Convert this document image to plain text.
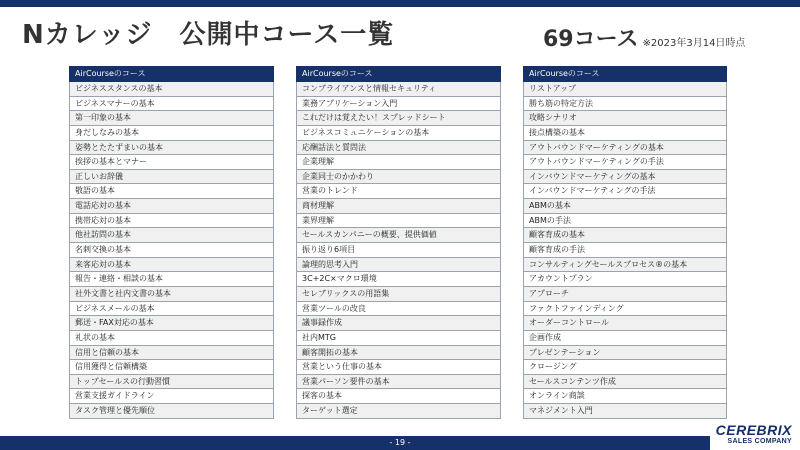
Nカレッジ　公開中コース一覧	69コース ※2023年3月14日時点
AirCourseのコース
ビジネススタンスの基本
ビジネスマナーの基本
第一印象の基本
身だしなみの基本
姿勢とたたずまいの基本
挨拶の基本とマナー
正しいお辞儀
敬語の基本
電話応対の基本
携帯応対の基本
他社訪問の基本
名刺交換の基本
来客応対の基本
報告・連絡・相談の基本
社外文書と社内文書の基本
ビジネスメールの基本
郵送・FAX対応の基本
礼状の基本
信用と信頼の基本
信用獲得と信頼構築
トップセールスの行動習慣
営業支援ガイドライン
タスク管理と優先順位
AirCourseのコース
コンプライアンスと情報セキュリティ
業務アプリケーション入門
これだけは覚えたい！スプレッドシート
ビジネスコミュニケーションの基本
応酬話法と質問法
企業理解
企業同士のかかわり
営業のトレンド
商材理解
業界理解
セールスカンパニーの概要、提供価値
振り返り6項目
論理的思考入門
3C+2C×マクロ環境
セレブリックスの用語集
営業ツールの改良
議事録作成
社内MTG
顧客開拓の基本
営業という仕事の基本
営業パーソン要件の基本
探客の基本
ターゲット選定
AirCourseのコース
リストアップ
勝ち筋の特定方法
攻略シナリオ
接点構築の基本
アウトバウンドマーケティングの基本
アウトバウンドマーケティングの手法
インバウンドマーケティングの基本
インバウンドマーケティングの手法
ABMの基本
ABMの手法
顧客育成の基本
顧客育成の手法
コンサルティングセールスプロセス®の基本
アカウントプラン
アプローチ
ファクトファインディング
オーダーコントロール
企画作成
プレゼンテーション
クロージング
セールスコンテンツ作成
オンライン商談
マネジメント入門
- 19 -
CEREBRIX
SALES COMPANY
